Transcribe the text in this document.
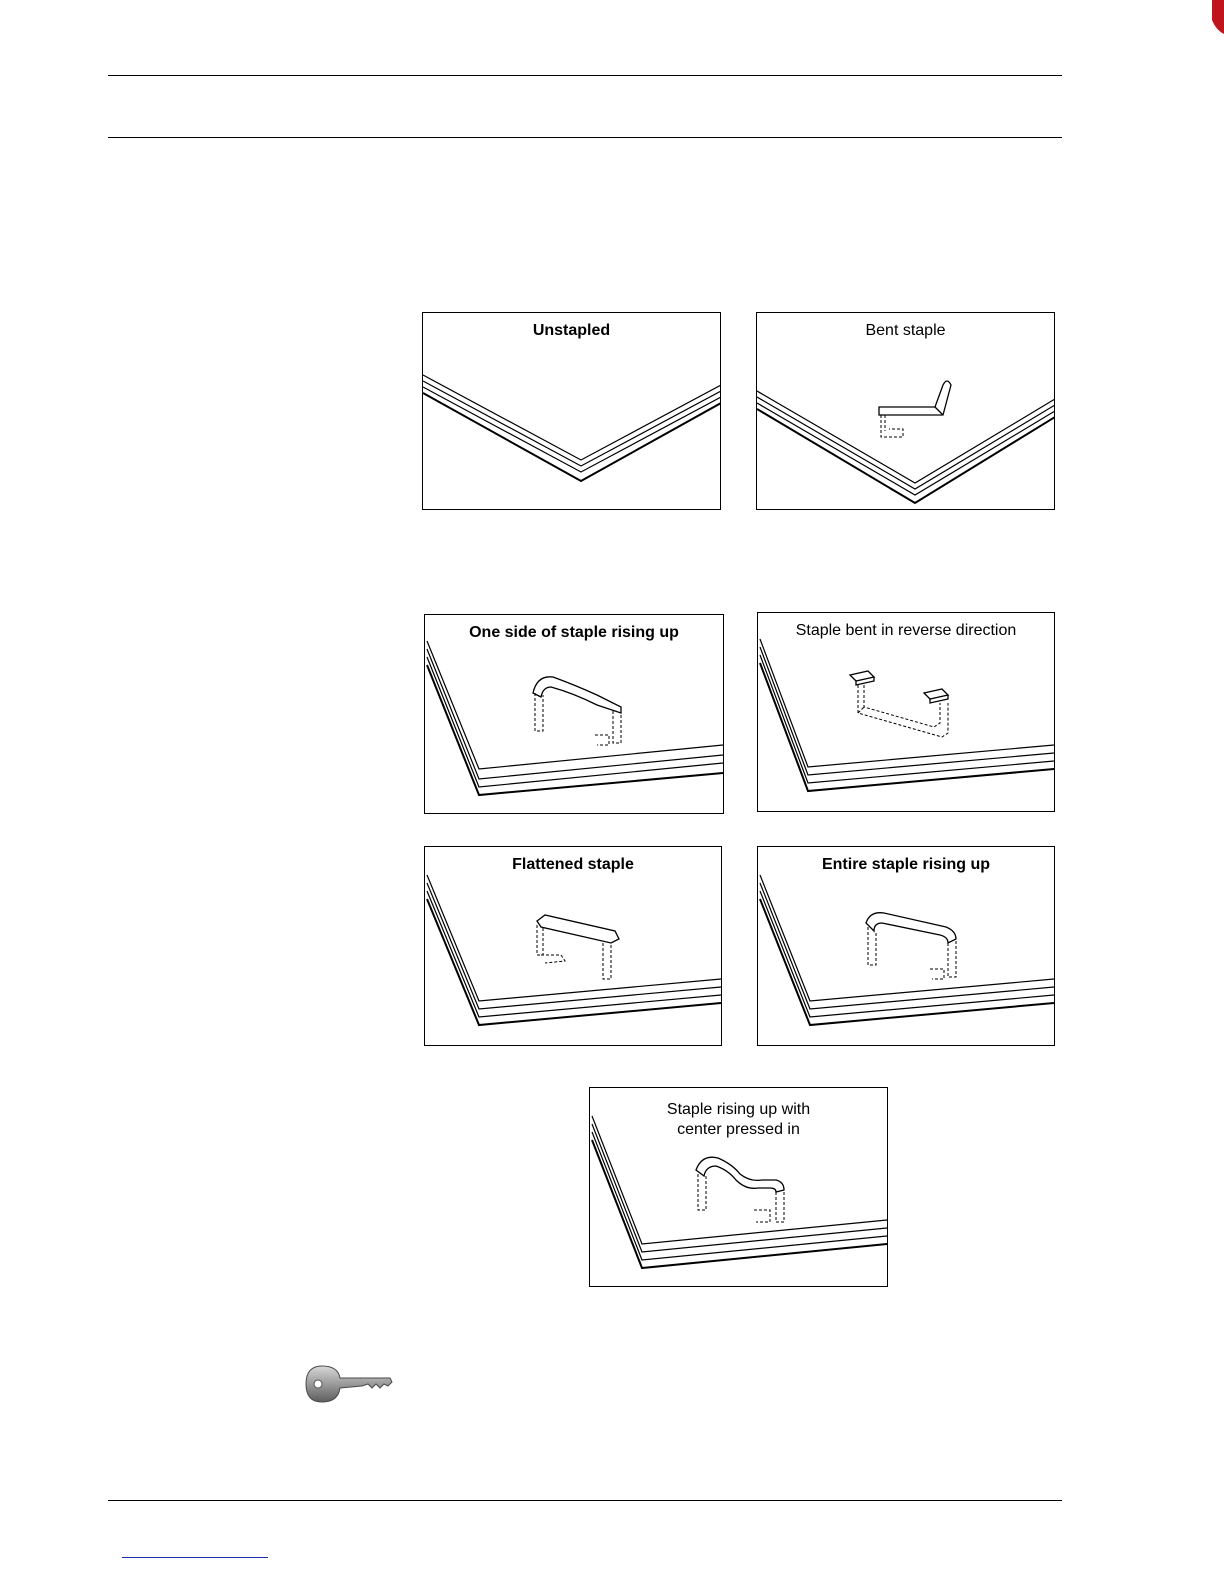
Unstapled	Bent staple
One side of staple rising up	Staple bent in reverse direction
Flattened staple	Entire staple rising up
Staple rising up with
center pressed in
